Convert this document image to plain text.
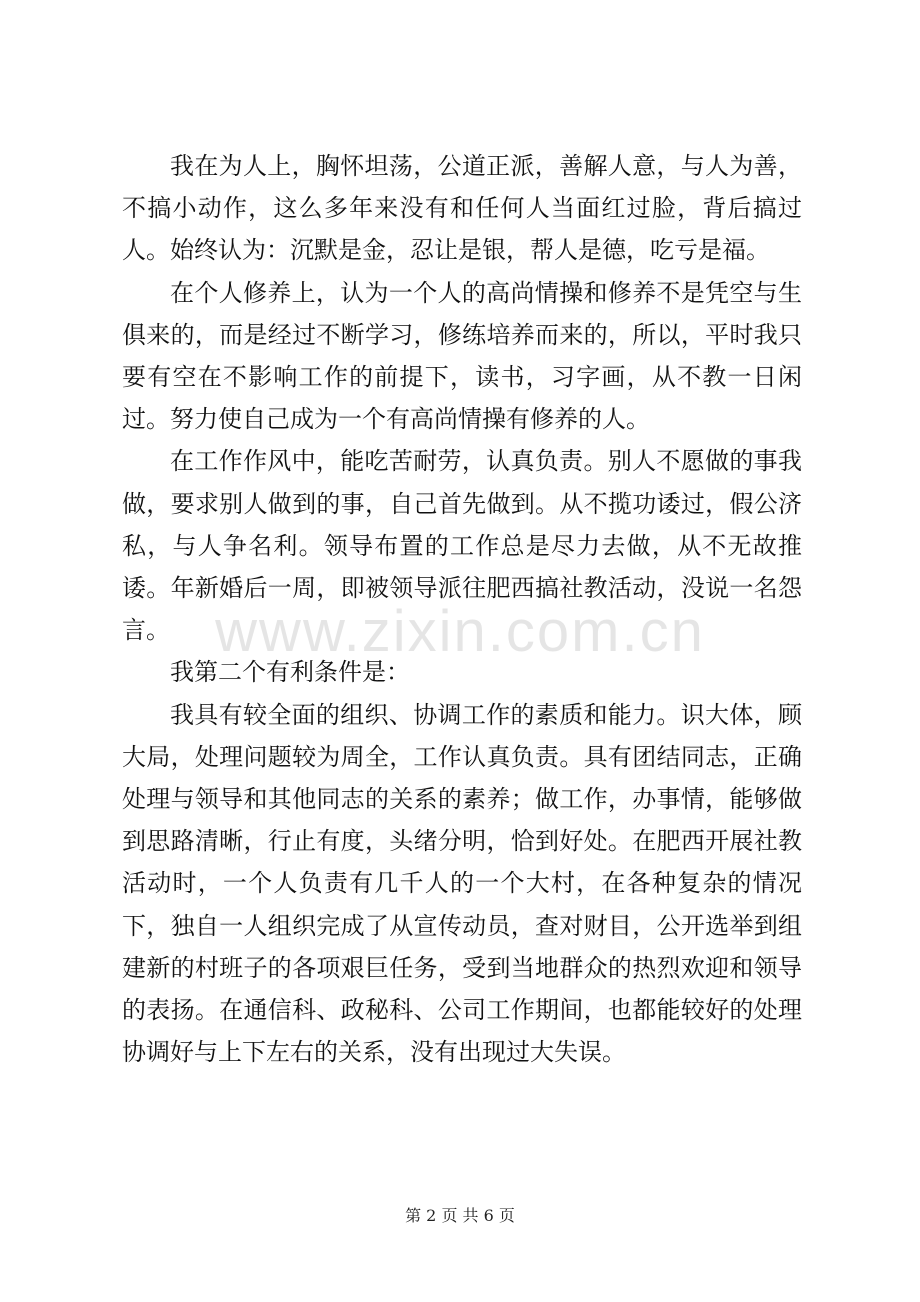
www.zixin.com.cn

我在为人上，胸怀坦荡，公道正派，善解人意，与人为善，不搞小动作，这么多年来没有和任何人当面红过脸，背后搞过人。始终认为：沉默是金，忍让是银，帮人是德，吃亏是福。

在个人修养上，认为一个人的高尚情操和修养不是凭空与生俱来的，而是经过不断学习，修练培养而来的，所以，平时我只要有空在不影响工作的前提下，读书，习字画，从不教一日闲过。努力使自己成为一个有高尚情操有修养的人。

在工作作风中，能吃苦耐劳，认真负责。别人不愿做的事我做，要求别人做到的事，自己首先做到。从不揽功诿过，假公济私，与人争名利。领导布置的工作总是尽力去做，从不无故推诿。年新婚后一周，即被领导派往肥西搞社教活动，没说一名怨言。

我第二个有利条件是：

我具有较全面的组织、协调工作的素质和能力。识大体，顾大局，处理问题较为周全，工作认真负责。具有团结同志，正确处理与领导和其他同志的关系的素养；做工作，办事情，能够做到思路清晰，行止有度，头绪分明，恰到好处。在肥西开展社教活动时，一个人负责有几千人的一个大村，在各种复杂的情况下，独自一人组织完成了从宣传动员，查对财目，公开选举到组建新的村班子的各项艰巨任务，受到当地群众的热烈欢迎和领导的表扬。在通信科、政秘科、公司工作期间，也都能较好的处理协调好与上下左右的关系，没有出现过大失误。

第 2 页 共 6 页
